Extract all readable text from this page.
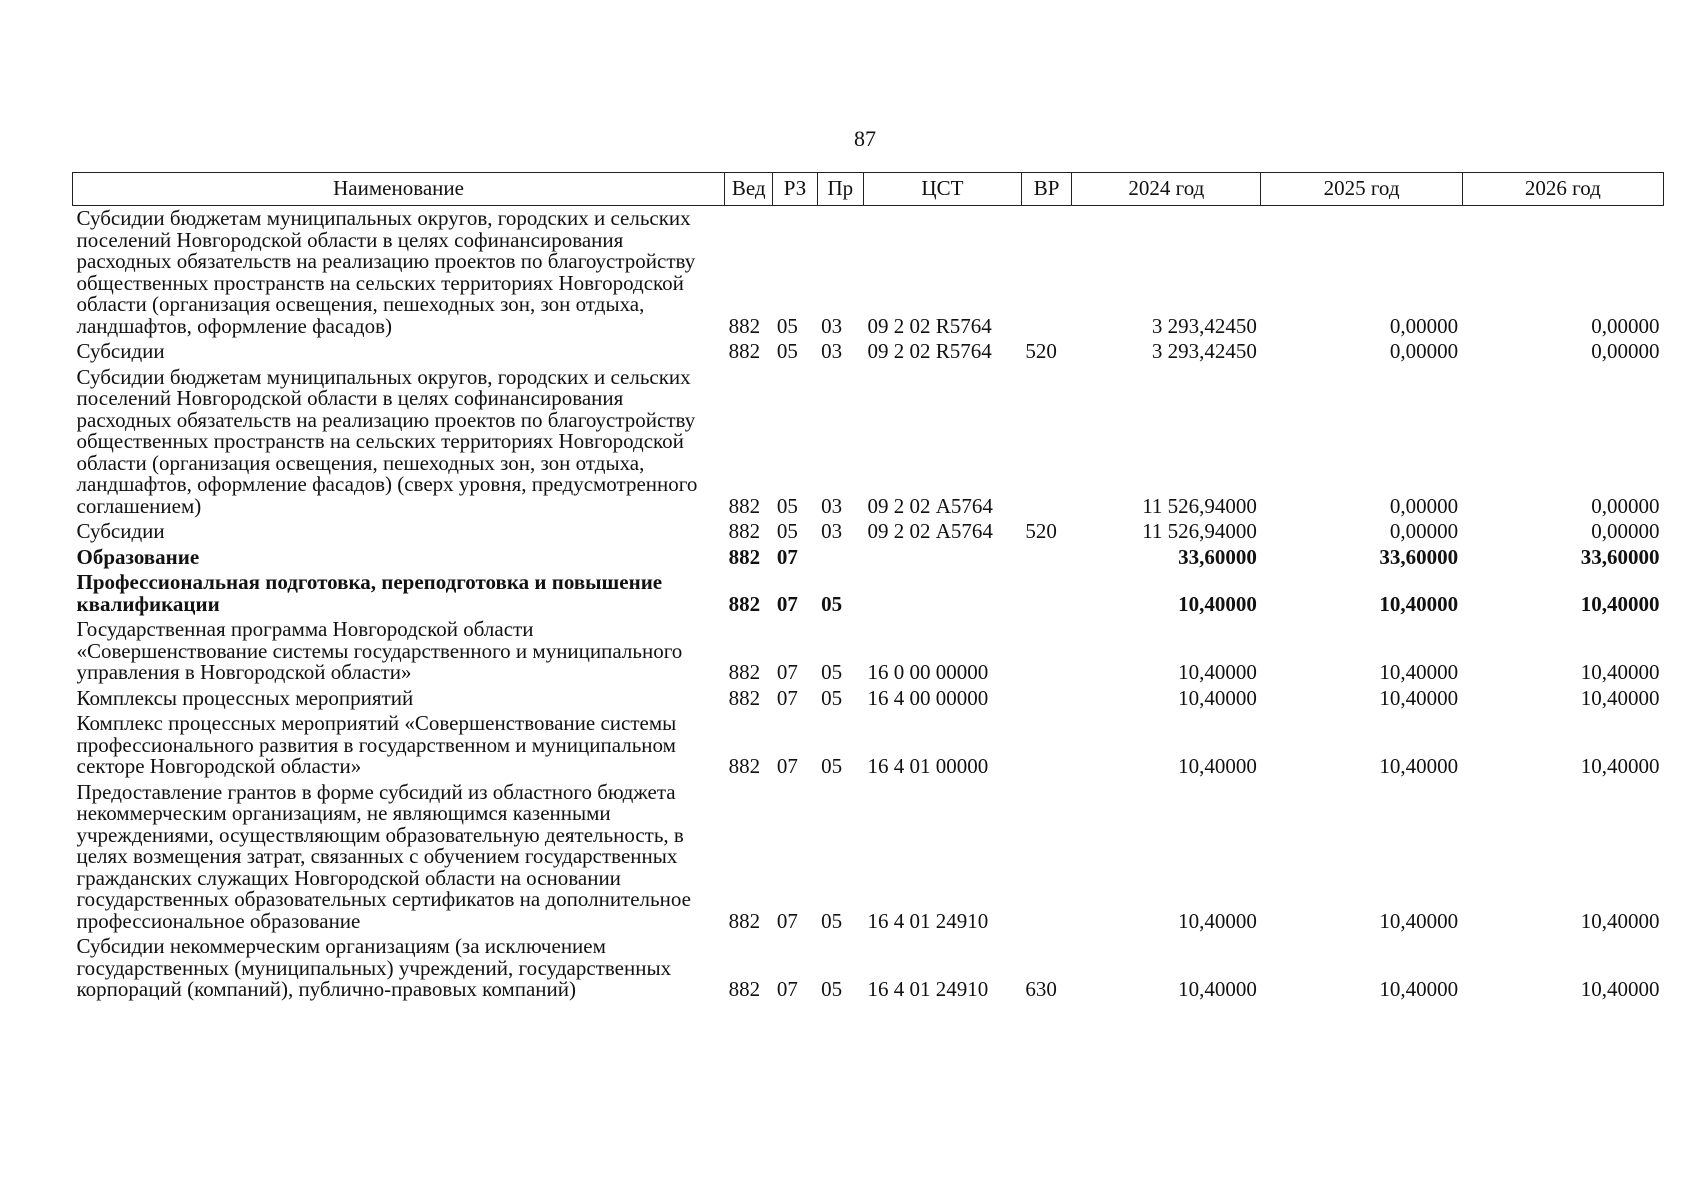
87
Наименование	Вед	РЗ	Пр	ЦСТ	ВР	2024 год	2025 год	2026 год
Субсидии бюджетам муниципальных округов, городских и сельских поселений Новгородской области в целях софинансирования расходных обязательств на реализацию проектов по благоустройству общественных пространств на сельских территориях Новгородской области (организация освещения, пешеходных зон, зон отдыха, ландшафтов, оформление фасадов)	882	05	03	09 2 02 R5764		3 293,42450	0,00000	0,00000
Субсидии	882	05	03	09 2 02 R5764	520	3 293,42450	0,00000	0,00000
Субсидии бюджетам муниципальных округов, городских и сельских поселений Новгородской области в целях софинансирования расходных обязательств на реализацию проектов по благоустройству общественных пространств на сельских территориях Новгородской области (организация освещения, пешеходных зон, зон отдыха, ландшафтов, оформление фасадов) (сверх уровня, предусмотренного соглашением)	882	05	03	09 2 02 А5764		11 526,94000	0,00000	0,00000
Субсидии	882	05	03	09 2 02 А5764	520	11 526,94000	0,00000	0,00000
Образование	882	07				33,60000	33,60000	33,60000
Профессиональная подготовка, переподготовка и повышение квалификации	882	07	05			10,40000	10,40000	10,40000
Государственная программа Новгородской области «Совершенствование системы государственного и муниципального управления в Новгородской области»	882	07	05	16 0 00 00000		10,40000	10,40000	10,40000
Комплексы процессных мероприятий	882	07	05	16 4 00 00000		10,40000	10,40000	10,40000
Комплекс процессных мероприятий «Совершенствование системы профессионального развития в государственном и муниципальном секторе Новгородской области»	882	07	05	16 4 01 00000		10,40000	10,40000	10,40000
Предоставление грантов в форме субсидий из областного бюджета некоммерческим организациям, не являющимся казенными учреждениями, осуществляющим образовательную деятельность, в целях возмещения затрат, связанных с обучением государственных гражданских служащих Новгородской области на основании государственных образовательных сертификатов на дополнительное профессиональное образование	882	07	05	16 4 01 24910		10,40000	10,40000	10,40000
Субсидии некоммерческим организациям (за исключением государственных (муниципальных) учреждений, государственных корпораций (компаний), публично-правовых компаний)	882	07	05	16 4 01 24910	630	10,40000	10,40000	10,40000
